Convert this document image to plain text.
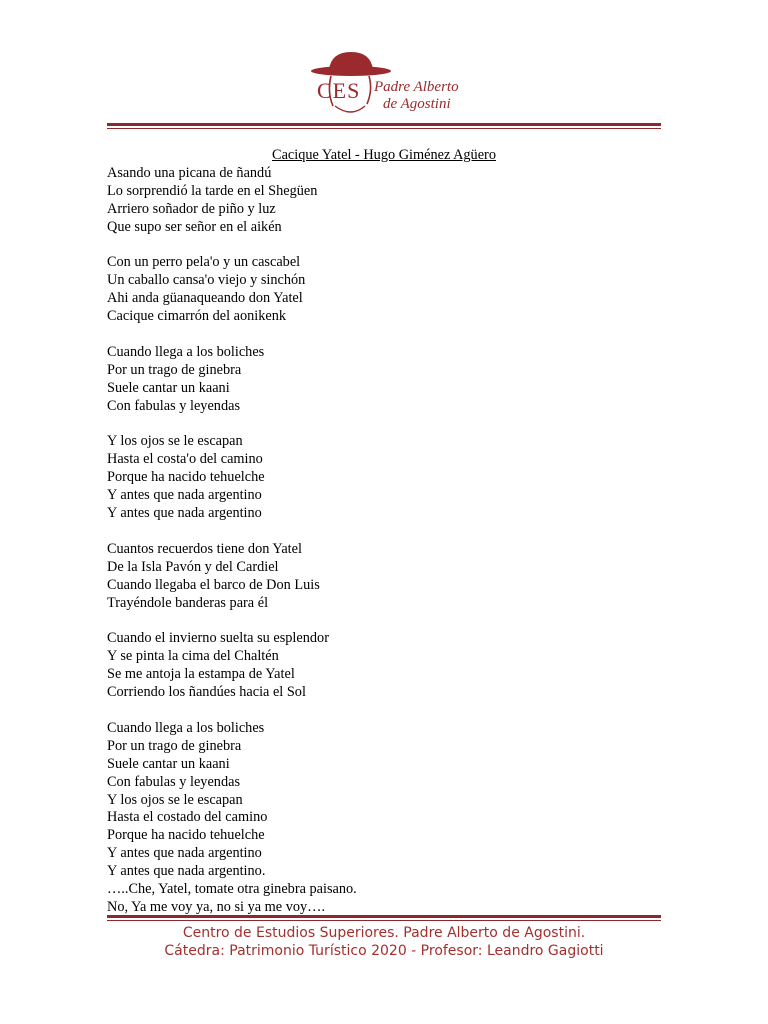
CES Padre Alberto
de Agostini
Cacique Yatel - Hugo Giménez Agüero
Asando una picana de ñandú
Lo sorprendió la tarde en el Shegüen
Arriero soñador de piño y luz
Que supo ser señor en el aikén
Con un perro pela'o y un cascabel
Un caballo cansa'o viejo y sinchón
Ahi anda güanaqueando don Yatel
Cacique cimarrón del aonikenk
Cuando llega a los boliches
Por un trago de ginebra
Suele cantar un kaani
Con fabulas y leyendas
Y los ojos se le escapan
Hasta el costa'o del camino
Porque ha nacido tehuelche
Y antes que nada argentino
Y antes que nada argentino
Cuantos recuerdos tiene don Yatel
De la Isla Pavón y del Cardiel
Cuando llegaba el barco de Don Luis
Trayéndole banderas para él
Cuando el invierno suelta su esplendor
Y se pinta la cima del Chaltén
Se me antoja la estampa de Yatel
Corriendo los ñandúes hacia el Sol
Cuando llega a los boliches
Por un trago de ginebra
Suele cantar un kaani
Con fabulas y leyendas
Y los ojos se le escapan
Hasta el costado del camino
Porque ha nacido tehuelche
Y antes que nada argentino
Y antes que nada argentino.
…..Che, Yatel, tomate otra ginebra paisano.
No, Ya me voy ya, no si ya me voy….
Centro de Estudios Superiores. Padre Alberto de Agostini.
Cátedra: Patrimonio Turístico 2020 - Profesor: Leandro Gagiotti
